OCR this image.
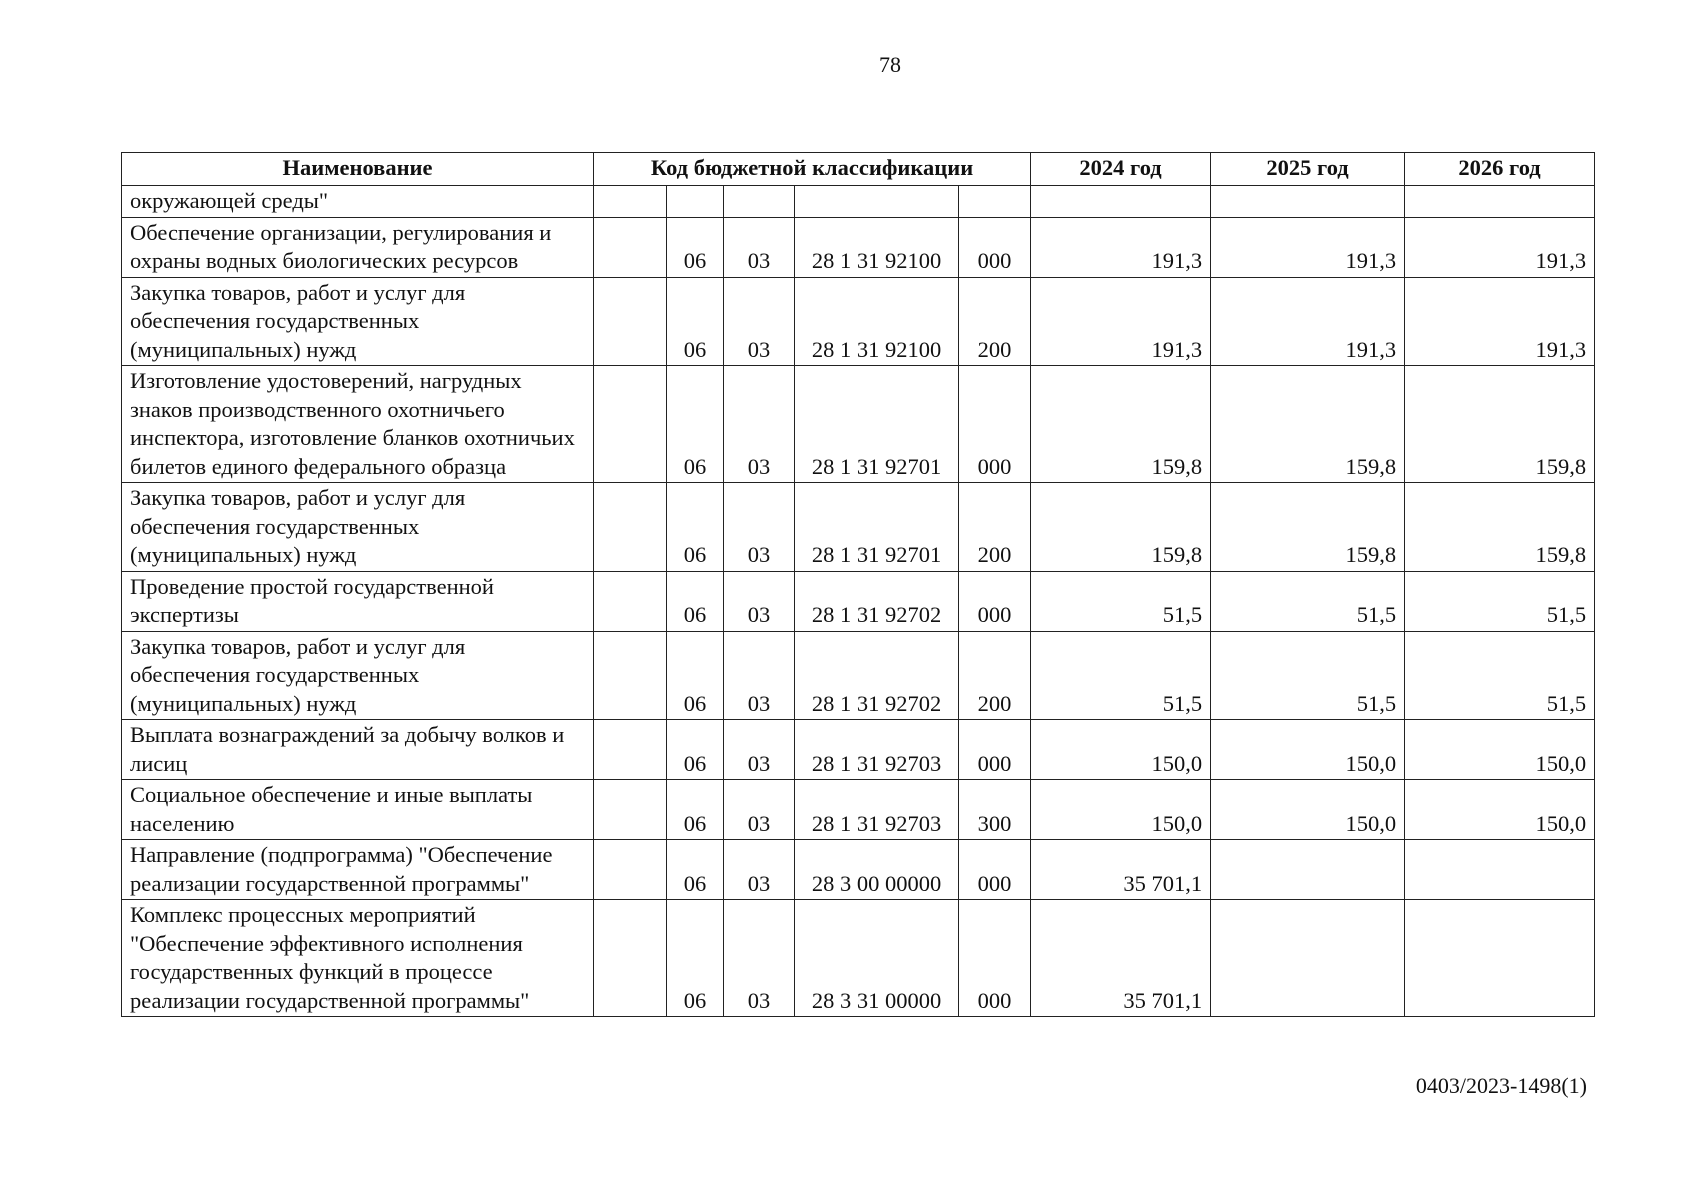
78
Наименование	Код бюджетной классификации					2024 год	2025 год	2026 год
окружающей среды"								

Обеспечение организации, регулирования и охраны водных биологических ресурсов		06	03	28 1 31 92100	000	191,3	191,3	191,3

Закупка товаров, работ и услуг для обеспечения государственных (муниципальных) нужд		06	03	28 1 31 92100	200	191,3	191,3	191,3

Изготовление удостоверений, нагрудных знаков производственного охотничьего инспектора, изготовление бланков охотничьих билетов единого федерального образца		06	03	28 1 31 92701	000	159,8	159,8	159,8

Закупка товаров, работ и услуг для обеспечения государственных (муниципальных) нужд		06	03	28 1 31 92701	200	159,8	159,8	159,8

Проведение простой государственной экспертизы		06	03	28 1 31 92702	000	51,5	51,5	51,5

Закупка товаров, работ и услуг для обеспечения государственных (муниципальных) нужд		06	03	28 1 31 92702	200	51,5	51,5	51,5

Выплата вознаграждений за добычу волков и лисиц		06	03	28 1 31 92703	000	150,0	150,0	150,0

Социальное обеспечение и иные выплаты населению		06	03	28 1 31 92703	300	150,0	150,0	150,0

Направление (подпрограмма) "Обеспечение реализации государственной программы"		06	03	28 3 00 00000	000	35 701,1		

Комплекс процессных мероприятий "Обеспечение эффективного исполнения государственных функций в процессе реализации государственной программы"		06	03	28 3 31 00000	000	35 701,1		
0403/2023-1498(1)
